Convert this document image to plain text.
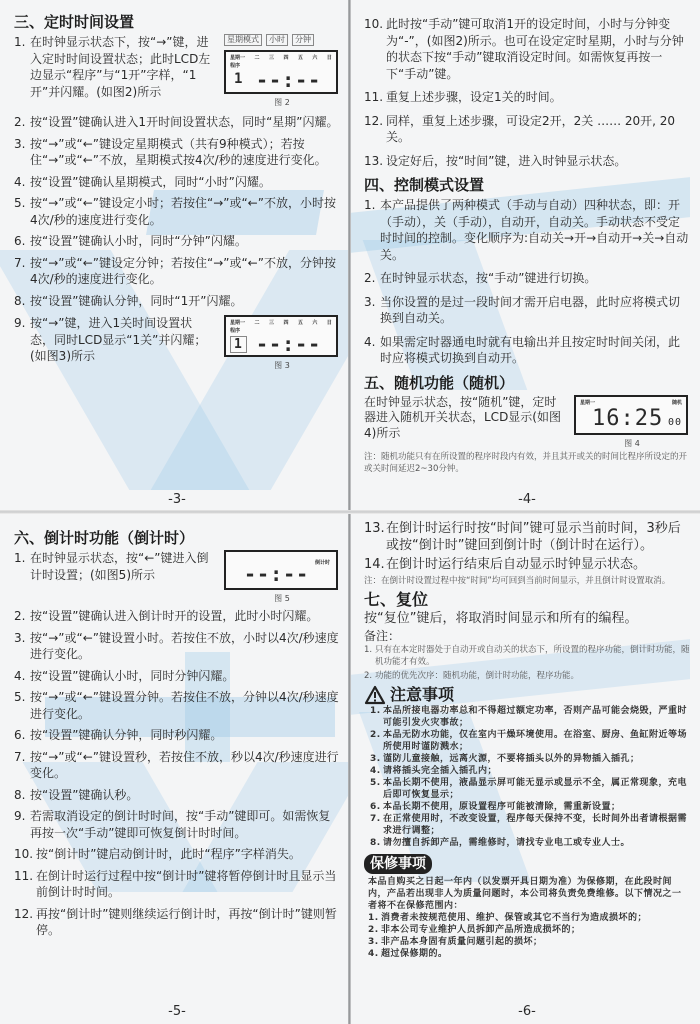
三、定时时间设置
1. 在时钟显示状态下，按“→”键，进入定时时间设置状态；此时LCD左边显示“程序”与“1开”字样，“1开”并闪耀。(如图2)所示
星期模式	小时	分钟
星期一 二 三 四 五 六 日
程序
1 --:--
图 2
2. 按“设置”键确认进入1开时间设置状态，同时“星期”闪耀。
3. 按“→”或“←”键设定星期模式（共有9种模式）；若按住“→”或“←”不放，星期模式按4次/秒的速度进行变化。
4. 按“设置”键确认星期模式，同时“小时”闪耀。
5. 按“→”或“←”键设定小时；若按住“→”或“←”不放，小时按4次/秒的速度进行变化。
6. 按“设置”键确认小时，同时“分钟”闪耀。
7. 按“→”或“←”键设定分钟；若按住“→”或“←”不放，分钟按4次/秒的速度进行变化。
8. 按“设置”键确认分钟，同时“1开”闪耀。
9. 按“→”键，进入1关时间设置状态，同时LCD显示“1关”并闪耀；(如图3)所示
星期一 二 三 四 五 六 日
程序
1 --:--
图 3
-3-
10. 此时按“手动”键可取消1开的设定时间，小时与分钟变为“-”，(如图2)所示。也可在设定定时星期，小时与分钟的状态下按“手动”键取消设定时间。如需恢复再按一下“手动”键。
11. 重复上述步骤，设定1关的时间。
12. 同样，重复上述步骤，可设定2开，2关 …… 20开, 20关。
13. 设定好后，按“时间”键，进入时钟显示状态。
四、控制模式设置
1. 本产品提供了两种模式（手动与自动）四种状态，即：开（手动），关（手动），自动开，自动关。手动状态不受定时时间的控制。变化顺序为:自动关→开→自动开→关→自动关。
2. 在时钟显示状态，按“手动”键进行切换。
3. 当你设置的是过一段时间才需开启电器，此时应将模式切换到自动关。
4. 如果需定时器通电时就有电输出并且按定时时间关闭，此时应将模式切换到自动开。
五、随机功能（随机）
在时钟显示状态，按“随机”键，定时器进入随机开关状态，LCD显示(如图4)所示
星期一	随机
16:25 00
图 4
注：随机功能只有在所设置的程序时段内有效，并且其开或关的时间比程序所设定的开或关时间延迟2~30分钟。
-4-
六、倒计时功能（倒计时）
1. 在时钟显示状态，按“←”键进入倒计时设置；(如图5)所示
倒计时
--:--
图 5
2. 按“设置”键确认进入倒计时开的设置，此时小时闪耀。
3. 按“→”或“←”键设置小时。若按住不放，小时以4次/秒速度进行变化。
4. 按“设置”键确认小时，同时分钟闪耀。
5. 按“→”或“←”键设置分钟。若按住不放，分钟以4次/秒速度进行变化。
6. 按“设置”键确认分钟，同时秒闪耀。
7. 按“→”或“←”键设置秒，若按住不放，秒以4次/秒速度进行变化。
8. 按“设置”键确认秒。
9. 若需取消设定的倒计时时间，按“手动”键即可。如需恢复再按一次“手动”键即可恢复倒计时时间。
10. 按“倒计时”键启动倒计时，此时“程序”字样消失。
11. 在倒计时运行过程中按“倒计时”键将暂停倒计时且显示当前倒计时时间。
12. 再按“倒计时”键则继续运行倒计时，再按“倒计时”键则暂停。
-5-
13. 在倒计时运行时按“时间”键可显示当前时间，3秒后或按“倒计时”键回到倒计时（倒计时在运行）。
14. 在倒计时运行结束后自动显示时钟显示状态。
注：在倒计时设置过程中按“时间”均可回到当前时间显示，并且倒计时设置取消。
七、复位
按“复位”键后，将取消时间显示和所有的编程。
备注：
1. 只有在本定时器处于自动开或自动关的状态下，所设置的程序功能，倒计时功能，随机功能才有效。
2. 功能的优先次序：随机功能，倒计时功能，程序功能。
注意事项
1. 本品所接电器功率总和不得超过额定功率，否则产品可能会烧毁，严重时可能引发火灾事故；
2. 本品无防水功能，仅在室内干燥环境使用。在浴室、厨房、鱼缸附近等场所使用时谨防溅水；
3. 谨防儿童接触，远离火源，不要将插头以外的异物插入插孔；
4. 请将插头完全插入插孔内；
5. 本品长期不使用，液晶显示屏可能无显示或显示不全，属正常现象，充电后即可恢复显示；
6. 本品长期不使用，原设置程序可能被清除，需重新设置；
7. 在正常使用时，不改变设置，程序每天保持不变，长时间外出者请根据需求进行调整；
8. 请勿擅自拆卸产品，需维修时，请找专业电工或专业人士。
保修事项
本品自购买之日起一年内（以发票开具日期为准）为保修期，在此段时间内，产品若出现非人为质量问题时，本公司将负责免费维修。以下情况之一者将不在保修范围内：
1. 消费者未按规范使用、维护、保管或其它不当行为造成损坏的；
2. 非本公司专业维护人员拆卸产品所造成损坏的；
3. 非产品本身固有质量问题引起的损坏；
4. 超过保修期的。
-6-
